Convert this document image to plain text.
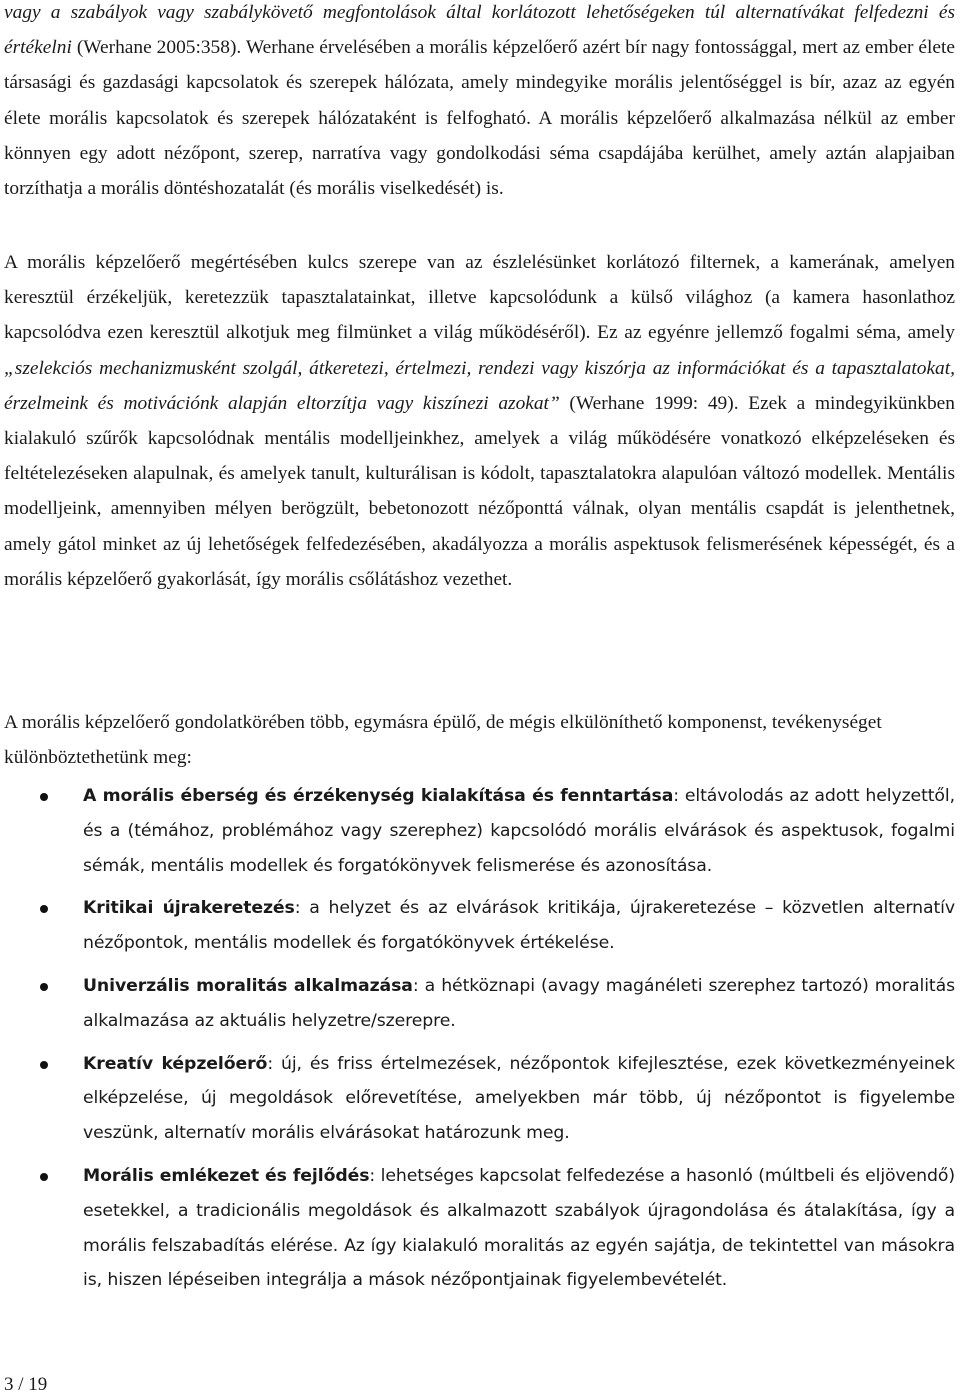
vagy a szabályok vagy szabálykövető megfontolások által korlátozott lehetőségeken túl alternatívákat felfedezni és értékelni (Werhane 2005:358). Werhane érvelésében a morális képzelőerő azért bír nagy fontossággal, mert az ember élete társasági és gazdasági kapcsolatok és szerepek hálózata, amely mindegyike morális jelentőséggel is bír, azaz az egyén élete morális kapcsolatok és szerepek hálózataként is felfogható. A morális képzelőerő alkalmazása nélkül az ember könnyen egy adott nézőpont, szerep, narratíva vagy gondolkodási séma csapdájába kerülhet, amely aztán alapjaiban torzíthatja a morális döntéshozatalát (és morális viselkedését) is.

A morális képzelőerő megértésében kulcs szerepe van az észlelésünket korlátozó filternek, a kamerának, amelyen keresztül érzékeljük, keretezzük tapasztalatainkat, illetve kapcsolódunk a külső világhoz (a kamera hasonlathoz kapcsolódva ezen keresztül alkotjuk meg filmünket a világ működéséről). Ez az egyénre jellemző fogalmi séma, amely „szelekciós mechanizmusként szolgál, átkeretezi, értelmezi, rendezi vagy kiszórja az információkat és a tapasztalatokat, érzelmeink és motivációnk alapján eltorzítja vagy kiszínezi azokat” (Werhane 1999: 49). Ezek a mindegyikünkben kialakuló szűrők kapcsolódnak mentális modelljeinkhez, amelyek a világ működésére vonatkozó elképzeléseken és feltételezéseken alapulnak, és amelyek tanult, kulturálisan is kódolt, tapasztalatokra alapulóan változó modellek. Mentális modelljeink, amennyiben mélyen berögzült, bebetonozott nézőponttá válnak, olyan mentális csapdát is jelenthetnek, amely gátol minket az új lehetőségek felfedezésében, akadályozza a morális aspektusok felismerésének képességét, és a morális képzelőerő gyakorlását, így morális csőlátáshoz vezethet.

A morális képzelőerő gondolatkörében több, egymásra épülő, de mégis elkülöníthető komponenst, tevékenységet különböztethetünk meg:

A morális éberség és érzékenység kialakítása és fenntartása: eltávolodás az adott helyzettől, és a (témához, problémához vagy szerephez) kapcsolódó morális elvárások és aspektusok, fogalmi sémák, mentális modellek és forgatókönyvek felismerése és azonosítása.
Kritikai újrakeretezés: a helyzet és az elvárások kritikája, újrakeretezése – közvetlen alternatív nézőpontok, mentális modellek és forgatókönyvek értékelése.
Univerzális moralitás alkalmazása: a hétköznapi (avagy magánéleti szerephez tartozó) moralitás alkalmazása az aktuális helyzetre/szerepre.
Kreatív képzelőerő: új, és friss értelmezések, nézőpontok kifejlesztése, ezek következményeinek elképzelése, új megoldások előrevetítése, amelyekben már több, új nézőpontot is figyelembe veszünk, alternatív morális elvárásokat határozunk meg.
Morális emlékezet és fejlődés: lehetséges kapcsolat felfedezése a hasonló (múltbeli és eljövendő) esetekkel, a tradicionális megoldások és alkalmazott szabályok újragondolása és átalakítása, így a morális felszabadítás elérése. Az így kialakuló moralitás az egyén sajátja, de tekintettel van másokra is, hiszen lépéseiben integrálja a mások nézőpontjainak figyelembevételét.
3 / 19
